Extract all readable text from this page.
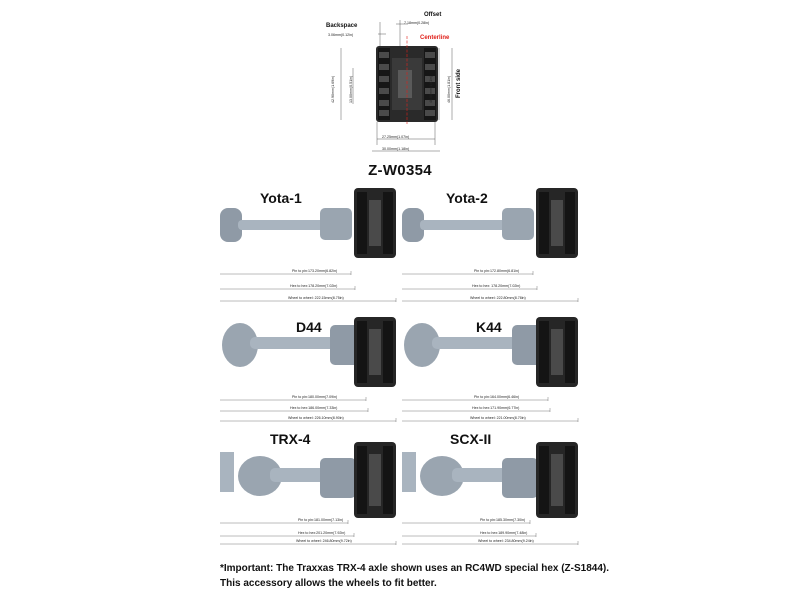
Backspace
3.06mm(0.12in)
Offset
7.18mm(0.28in)
Centerline
Front side
42.90mm(1.69in)	13.00mm(0.51in)	46.00mm(1.81in)	46.00mm(1.81in)
27.25mm(1.07in)
30.00mm(1.18in)
Z-W0354
Yota-1
Pin to pin:173.20mm(6.82in)
Hex to hex:178.20mm(7.02in)
Wheel to wheel: 222.15mm(8.75in)
Yota-2
Pin to pin:172.80mm(6.81in)
Hex to hex: 178.20mm(7.02in)
Wheel to wheel: 222.80mm(8.78in)
D44
Pin to pin:180.00mm(7.09in)
Hex to hex:186.00mm(7.33in)
Wheel to wheel: 226.10mm(8.90in)
K44
Pin to pin:164.00mm(6.46in)
Hex to hex:171.90mm(6.77in)
Wheel to wheel: 221.00mm(8.70in)
TRX-4
Pin to pin:181.00mm(7.13in)
Hex to hex:201.20mm(7.92in)
Wheel to wheel: 246.80mm(9.72in)
SCX-II
Pin to pin:185.30mm(7.30in)
Hex to hex:189.90mm(7.48in)
Wheel to wheel: 234.80mm(9.24in)
*Important: The Traxxas TRX-4 axle shown uses an RC4WD special hex (Z-S1844).
This accessory allows the wheels to fit better.
